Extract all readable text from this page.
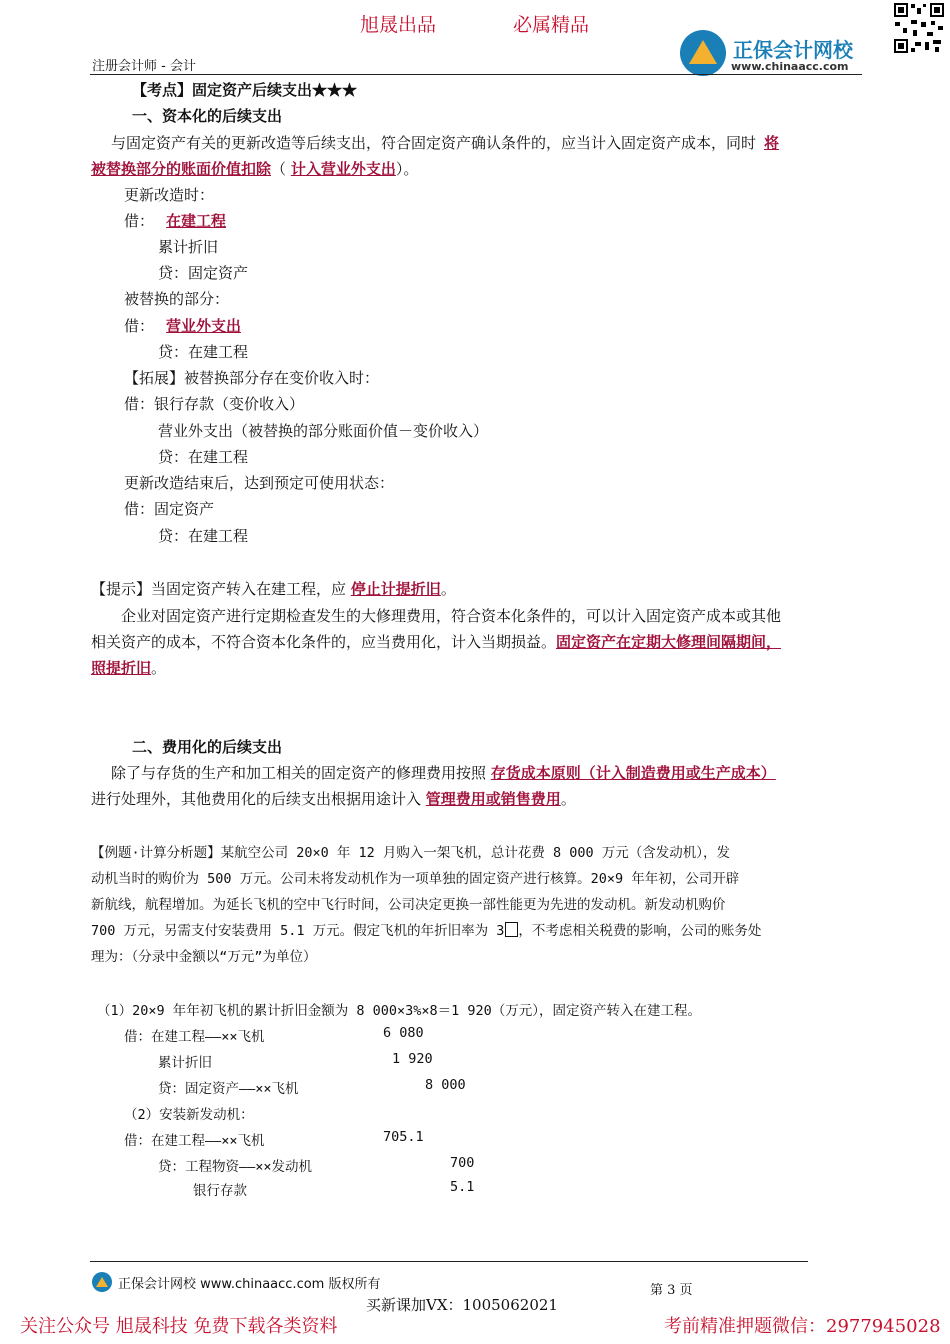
旭晟出品	必属精品
注册会计师 - 会计
正保会计网校
www.chinaacc.com
【考点】固定资产后续支出★★★
一、资本化的后续支出
与固定资产有关的更新改造等后续支出，符合固定资产确认条件的，应当计入固定资产成本，同时 将
被替换部分的账面价值扣除（ 计入营业外支出）。
更新改造时：
借： 在建工程
累计折旧
贷：固定资产
被替换的部分：
借： 营业外支出
贷：在建工程
【拓展】被替换部分存在变价收入时：
借：银行存款（变价收入）
营业外支出（被替换的部分账面价值－变价收入）
贷：在建工程
更新改造结束后，达到预定可使用状态：
借：固定资产
贷：在建工程
【提示】当固定资产转入在建工程，应 停止计提折旧。
企业对固定资产进行定期检查发生的大修理费用，符合资本化条件的，可以计入固定资产成本或其他
相关资产的成本，不符合资本化条件的，应当费用化，计入当期损益。固定资产在定期大修理间隔期间，
照提折旧。
二、费用化的后续支出
除了与存货的生产和加工相关的固定资产的修理费用按照 存货成本原则（计入制造费用或生产成本）
进行处理外，其他费用化的后续支出根据用途计入 管理费用或销售费用。
【例题·计算分析题】某航空公司 20×0 年 12 月购入一架飞机，总计花费 8 000 万元（含发动机），发
动机当时的购价为 500 万元。公司未将发动机作为一项单独的固定资产进行核算。20×9 年年初，公司开辟
新航线，航程增加。为延长飞机的空中飞行时间，公司决定更换一部性能更为先进的发动机。新发动机购价
700 万元，另需支付安装费用 5.1 万元。假定飞机的年折旧率为 3 ，不考虑相关税费的影响，公司的账务处
理为：（分录中金额以“万元”为单位）
（1）20×9 年年初飞机的累计折旧金额为 8 000×3%×8＝1 920（万元），固定资产转入在建工程。
借：在建工程——××飞机	6 080
累计折旧	1 920
贷：固定资产——××飞机	8 000
（2）安装新发动机：
借：在建工程——××飞机	705.1
贷：工程物资——××发动机	700
银行存款	5.1
正保会计网校 www.chinaacc.com 版权所有	第 3 页
买新课加VX：1005062021
关注公众号 旭晟科技 免费下载各类资料	考前精准押题微信：2977945028
